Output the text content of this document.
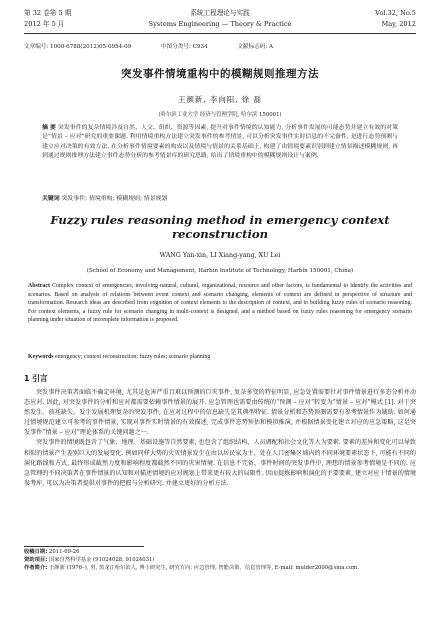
第 32 卷第 5 期
2012 年 5 月
系统工程理论与实践
Systems Engineering — Theory & Practice
Vol.32, No.5
May, 2012
文章编号: 1000-6788(2012)05-0954-09	中图分类号: C934	文献标志码: A
突发事件情境重构中的模糊规则推理方法
王颜新, 李向阳, 徐 磊
(哈尔滨工业大学 经济与管理学院, 哈尔滨 150001)
摘 要 突发事件的复杂情境涉及自然、人文、组织、资源等因素, 提升对事件情境的认知能力, 分析事件发展的可能态势并建立有效的对策是“情景 – 应对”研究的重要课题. 利用情境重构方法建立突发事件的参考情景, 可以分析突发事件实时信息的不完备性, 是进行态势预测与建立应对决策的有效方法. 在分析事件情境要素的构成以及情境与情景的关系基础上, 构建了由情境要素识别到建立情景描述模糊规则, 再到通过规则推理方法建立事件态势分析的参考情景库的研究思路, 给出了情境重构中的模糊规则设计与案例.
关键词 突发事件; 情境重构; 模糊规则; 情景规划
Fuzzy rules reasoning method in emergency context
reconstruction
WANG Yan-xin, LI Xiang-yang, XU Lei
(School of Economy and Management, Harbin Institute of Technology, Harbin 150001, China)
Abstract Complex context of emergencies, involving natural, cultural, organizational, resource and other factors, is fundamental to identify the activities and scenarios. Based on analysis of relations between event context and scenario changing, elements of context are defined in perspective of structure and transformation. Research ideas are described from cognition of context elements to the description of context, and to building fuzzy rules of scenario reasoning. For context elements, a fuzzy rule for scenario changing in multi-context is designed, and a method based on fuzzy rules reasoning for emergency scenario planning under situation of incomplete information is proposed.
Keywords emergency; context reconstruction; fuzzy rules; scenario planning
1 引言

突发事件决策者面临不确定环境, 尤其是危害严重且难以预测的巨灾事件, 复杂多变的特征明显, 应急处置需要针对事件情景进行多态分析并动态应对. 因此, 对突发事件的分析和应对都需要依赖事件情景的展开. 应急管理也需要由传统的“预测 – 应对”转变为“情景 – 应对”模式 [1]. 对于突然发生、前兆缺失、发生发展机理复杂的突发事件, 在应对过程中的信息缺失是其典型特征. 情景分析和态势预测需要有参考情景作为辅助. 如何通过情境规范建立可参考的事件情景, 实现对事件实时情景的有效描述, 完成事件态势预估和模拟推演, 并根据情景变化建立对应的应急策略, 这是突发事件“情景 – 应对”理论体系的关键问题之一.

突发事件的情境既包含了气象、地理、基础设施等自然要素, 也包含了组织结构、人员调配和社会文化等人为要素. 要素的差异和变化可以导致相似的情景产生差别巨大的发展变化. 例如同样大势的火灾情景发生在由以居民家为主、处在人口密集区域内的不同环境要素状态下, 可能有不同的演化路线和方式, 最终形成截然力度和影响程度都截然不同的灾害情境. 在信息不完备、事件时间的突发事件中, 理想的情景参考情境是不同的. 应急管理的不同决策者在事件情景的认知和对描述情境的应对规划上带来更有较大的局限性. 因而提炼影响和演化的主要要素, 建立对应于情景的情境参考库, 可以为决策者提供对事件的把握与分析研究. 并建立更好的分析方法.

收稿日期: 2011-09-26
资助项目: 国家自然科学基金 (91024028, 91024031)
作者简介: 王颜新 (1976–), 男, 黑龙江哈尔滨人, 博士研究生, 研究方向: 应急管理, 智能决策、信息管理等, E-mail: mulder2000@sina.com.
